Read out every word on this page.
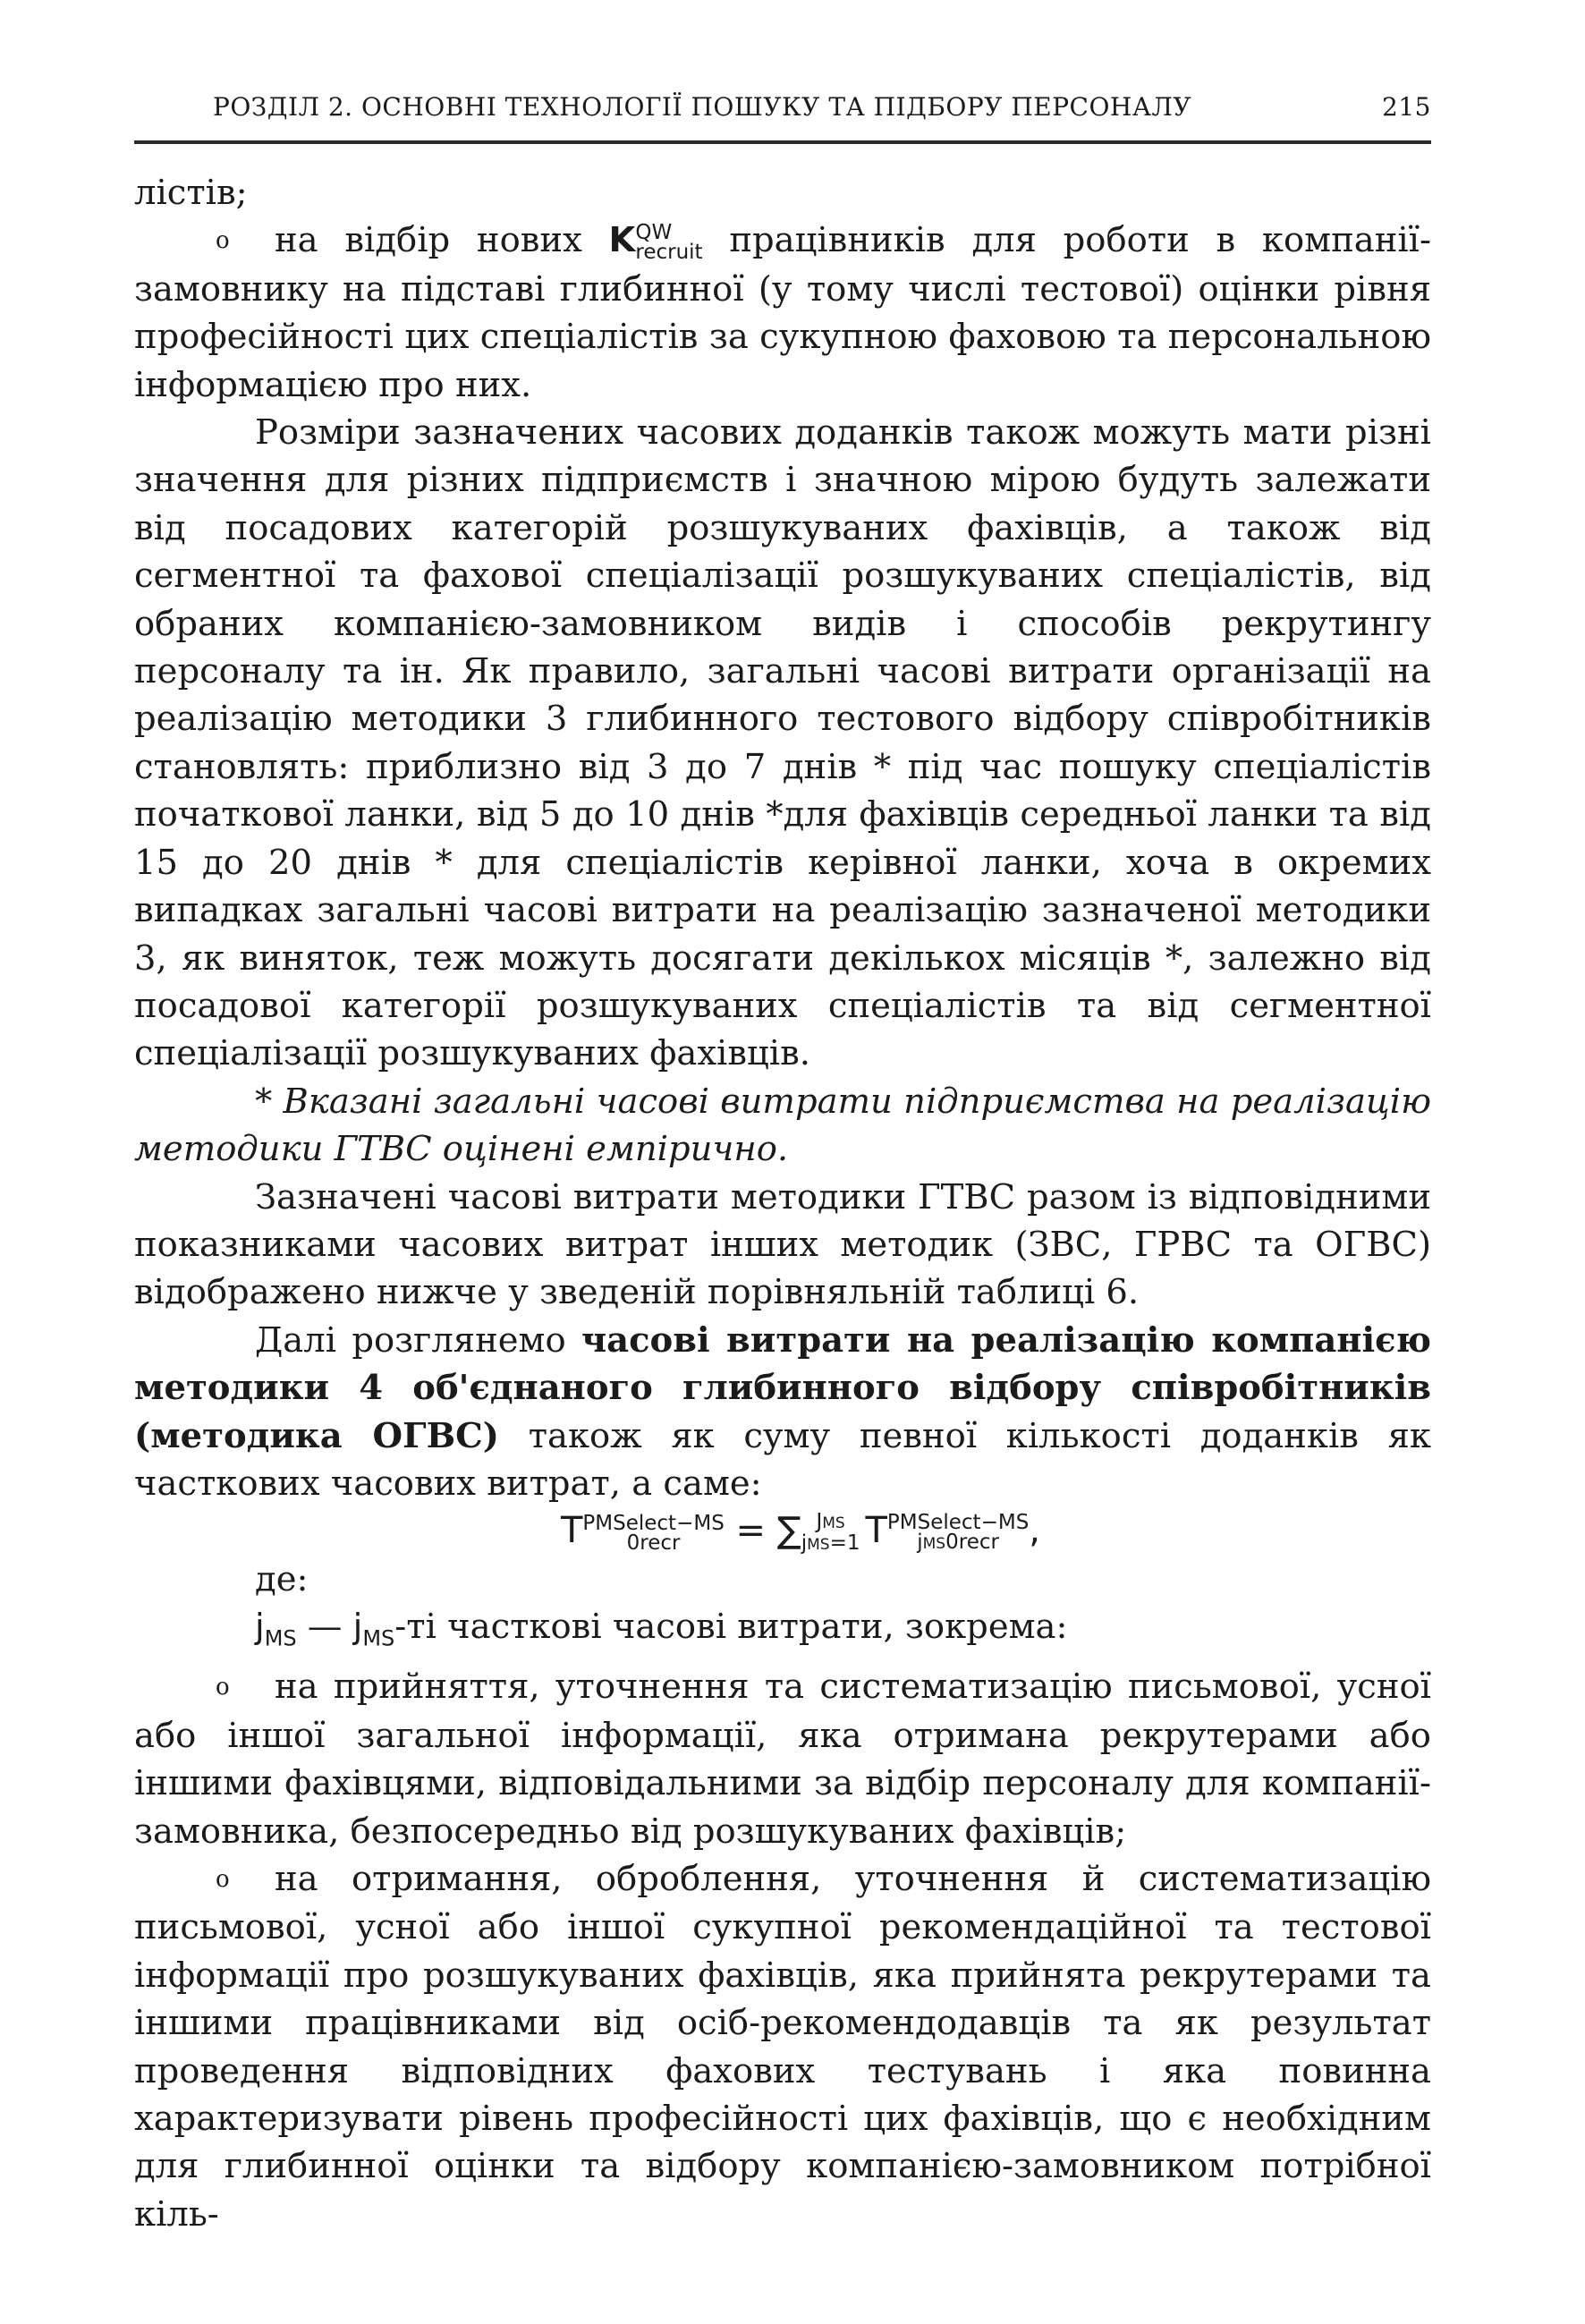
РОЗДІЛ 2. ОСНОВНІ ТЕХНОЛОГІЇ ПОШУКУ ТА ПІДБОРУ ПЕРСОНАЛУ	215

лістів;

o на відбір нових K QW
recruit працівників для роботи в компанії-замовнику на підставі глибинної (у тому числі тестової) оцінки рівня професійності цих спеціалістів за сукупною фаховою та персональною інформацією про них.

Розміри зазначених часових доданків також можуть мати різні значення для різних підприємств і значною мірою будуть залежати від посадових категорій розшукуваних фахівців, а також від сегментної та фахової спеціалізації розшукуваних спеціалістів, від обраних компанією-замовником видів і способів рекрутингу персоналу та ін. Як правило, загальні часові витрати організації на реалізацію методики 3 глибинного тестового відбору співробітників становлять: приблизно від 3 до 7 днів * під час пошуку спеціалістів початкової ланки, від 5 до 10 днів *для фахівців середньої ланки та від 15 до 20 днів * для спеціалістів керівної ланки, хоча в окремих випадках загальні часові витрати на реалізацію зазначеної методики 3, як виняток, теж можуть досягати декількох місяців *, залежно від посадової категорії розшукуваних спеціалістів та від сегментної спеціалізації розшукуваних фахівців.

* Вказані загальні часові витрати підприємства на реалізацію методики ГТВС оцінені емпірично.

Зазначені часові витрати методики ГТВС разом із відповідними показниками часових витрат інших методик (ЗВС, ГРВС та ОГВС) відображено нижче у зведеній порівняльній таблиці 6.

Далі розглянемо часові витрати на реалізацію компанією методики 4 об'єднаного глибинного відбору співробітників (методика ОГВС) також як суму певної кількості доданків як часткових часових витрат, а саме:

T PMSelect−MS
0recr	= ∑ JMS
jMS=1 T PMSelect−MS
jMS0recr ,

де:

$j_{MS}$ — $j_{MS}-ті$ часткові часові витрати, зокрема:

o на прийняття, уточнення та систематизацію письмової, усної або іншої загальної інформації, яка отримана рекрутерами або іншими фахівцями, відповідальними за відбір персоналу для компанії-замовника, безпосередньо від розшукуваних фахівців;

o на отримання, оброблення, уточнення й систематизацію письмової, усної або іншої сукупної рекомендаційної та тестової інформації про розшукуваних фахівців, яка прийнята рекрутерами та іншими працівниками від осіб-рекомендодавців та як результат проведення відповідних фахових тестувань і яка повинна характеризувати рівень професійності цих фахівців, що є необхідним для глибинної оцінки та відбору компанією-замовником потрібної кіль-
